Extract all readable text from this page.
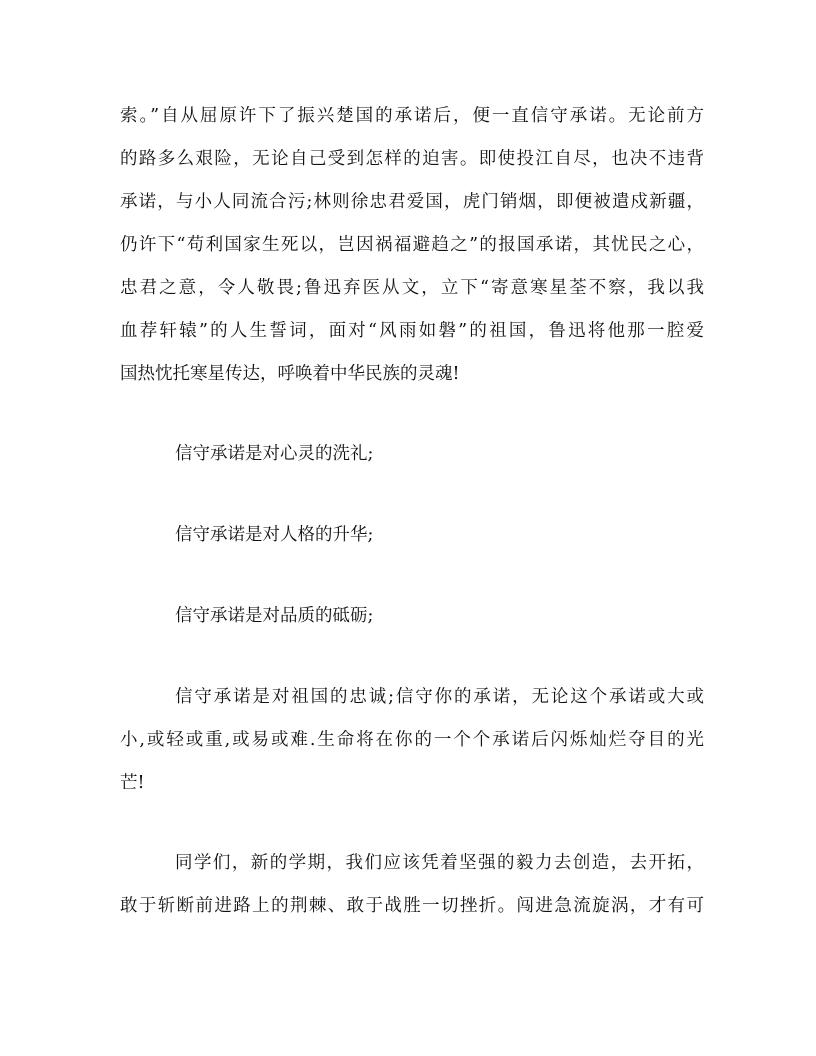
索。”自从屈原许下了振兴楚国的承诺后，便一直信守承诺。无论前方
的路多么艰险，无论自己受到怎样的迫害。即使投江自尽，也决不违背
承诺，与小人同流合污;林则徐忠君爱国，虎门销烟，即便被遣戍新疆，
仍许下“苟利国家生死以，岂因祸福避趋之”的报国承诺，其忧民之心，
忠君之意，令人敬畏;鲁迅弃医从文，立下“寄意寒星荃不察，我以我
血荐轩辕”的人生誓词，面对“风雨如磐”的祖国，鲁迅将他那一腔爱
国热忱托寒星传达，呼唤着中华民族的灵魂!
信守承诺是对心灵的洗礼;
信守承诺是对人格的升华;
信守承诺是对品质的砥砺;
信守承诺是对祖国的忠诚;信守你的承诺，无论这个承诺或大或
小,或轻或重,或易或难.生命将在你的一个个承诺后闪烁灿烂夺目的光
芒!
同学们，新的学期，我们应该凭着坚强的毅力去创造，去开拓，
敢于斩断前进路上的荆棘、敢于战胜一切挫折。闯进急流旋涡，才有可
